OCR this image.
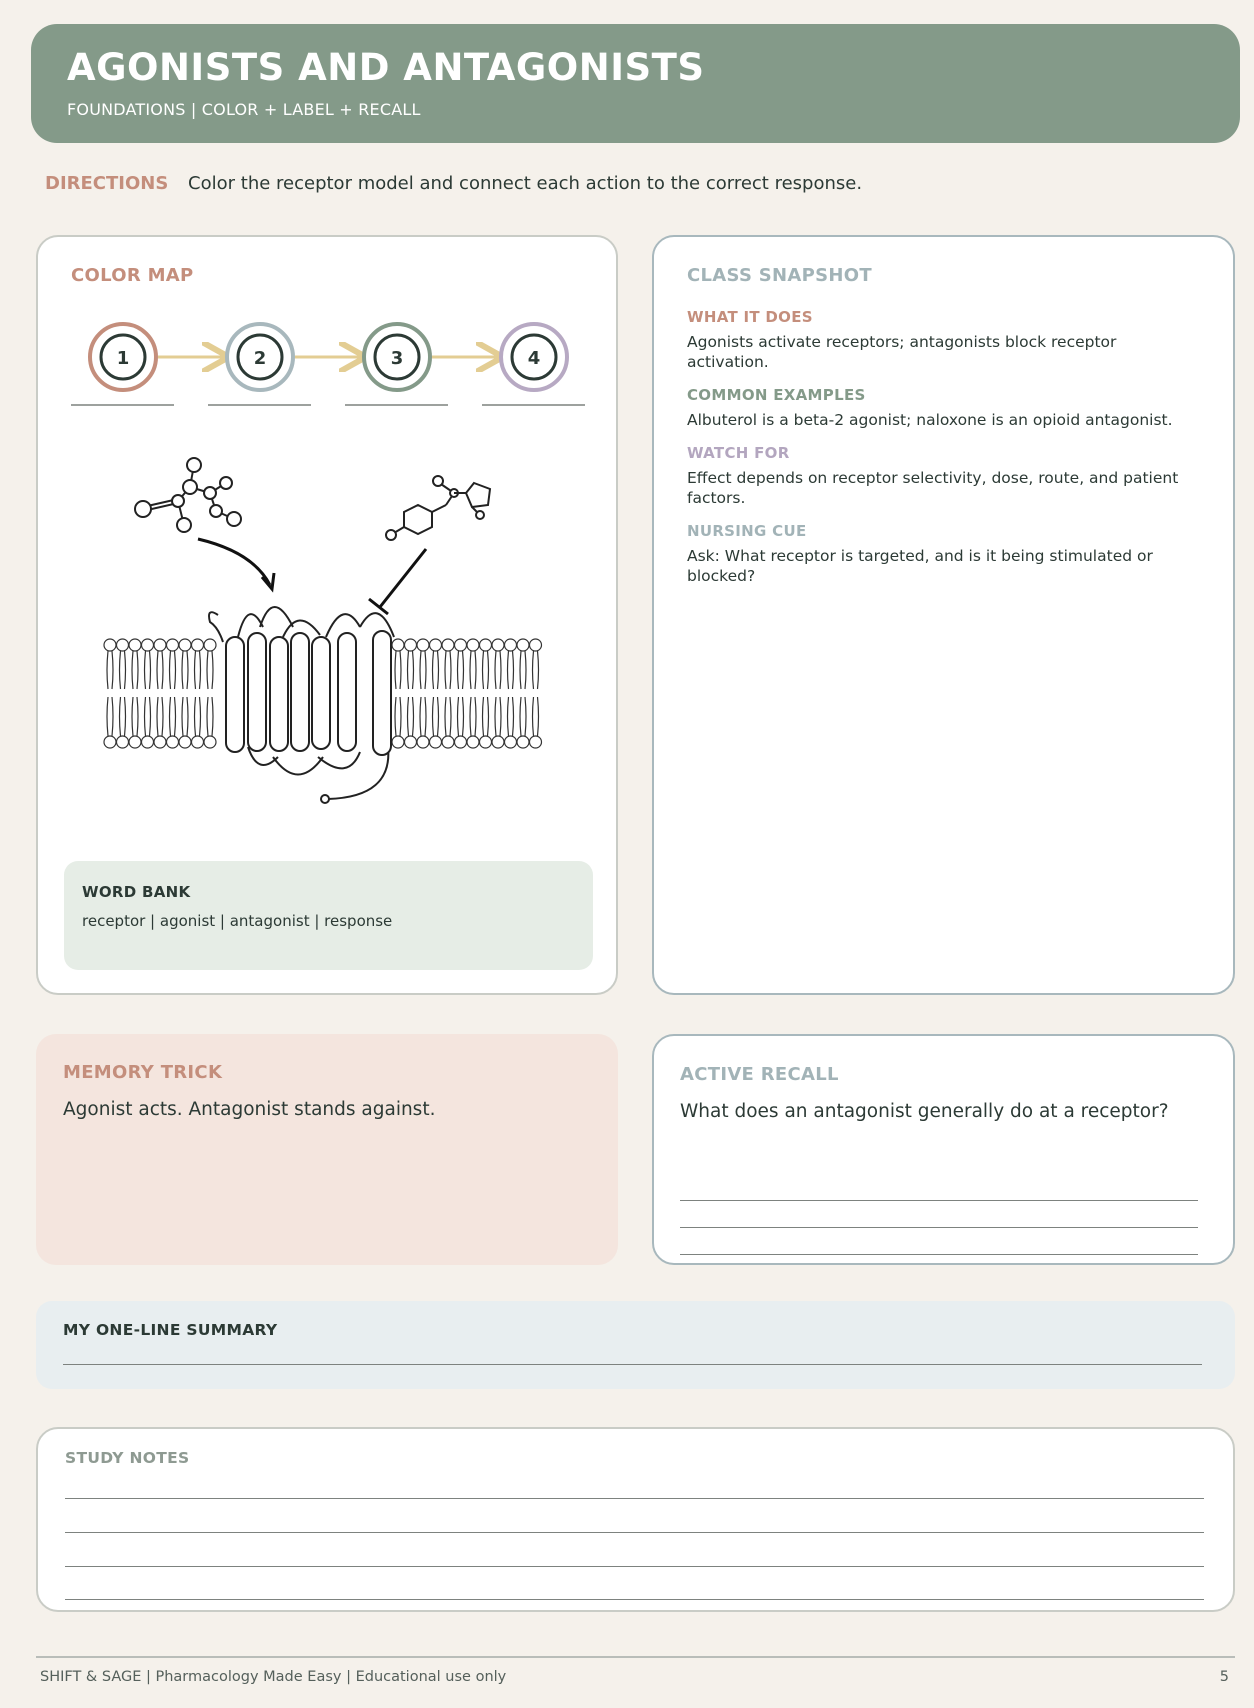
AGONISTS AND ANTAGONISTS
FOUNDATIONS | COLOR + LABEL + RECALL
DIRECTIONS Color the receptor model and connect each action to the correct response.
COLOR MAP
1	2	3	4
WORD BANK
receptor | agonist | antagonist | response
CLASS SNAPSHOT
WHAT IT DOES
Agonists activate receptors; antagonists block receptor activation.
COMMON EXAMPLES
Albuterol is a beta-2 agonist; naloxone is an opioid antagonist.
WATCH FOR
Effect depends on receptor selectivity, dose, route, and patient factors.
NURSING CUE
Ask: What receptor is targeted, and is it being stimulated or blocked?
MEMORY TRICK
Agonist acts. Antagonist stands against.
ACTIVE RECALL
What does an antagonist generally do at a receptor?
MY ONE-LINE SUMMARY
STUDY NOTES
SHIFT & SAGE | Pharmacology Made Easy | Educational use only	5
